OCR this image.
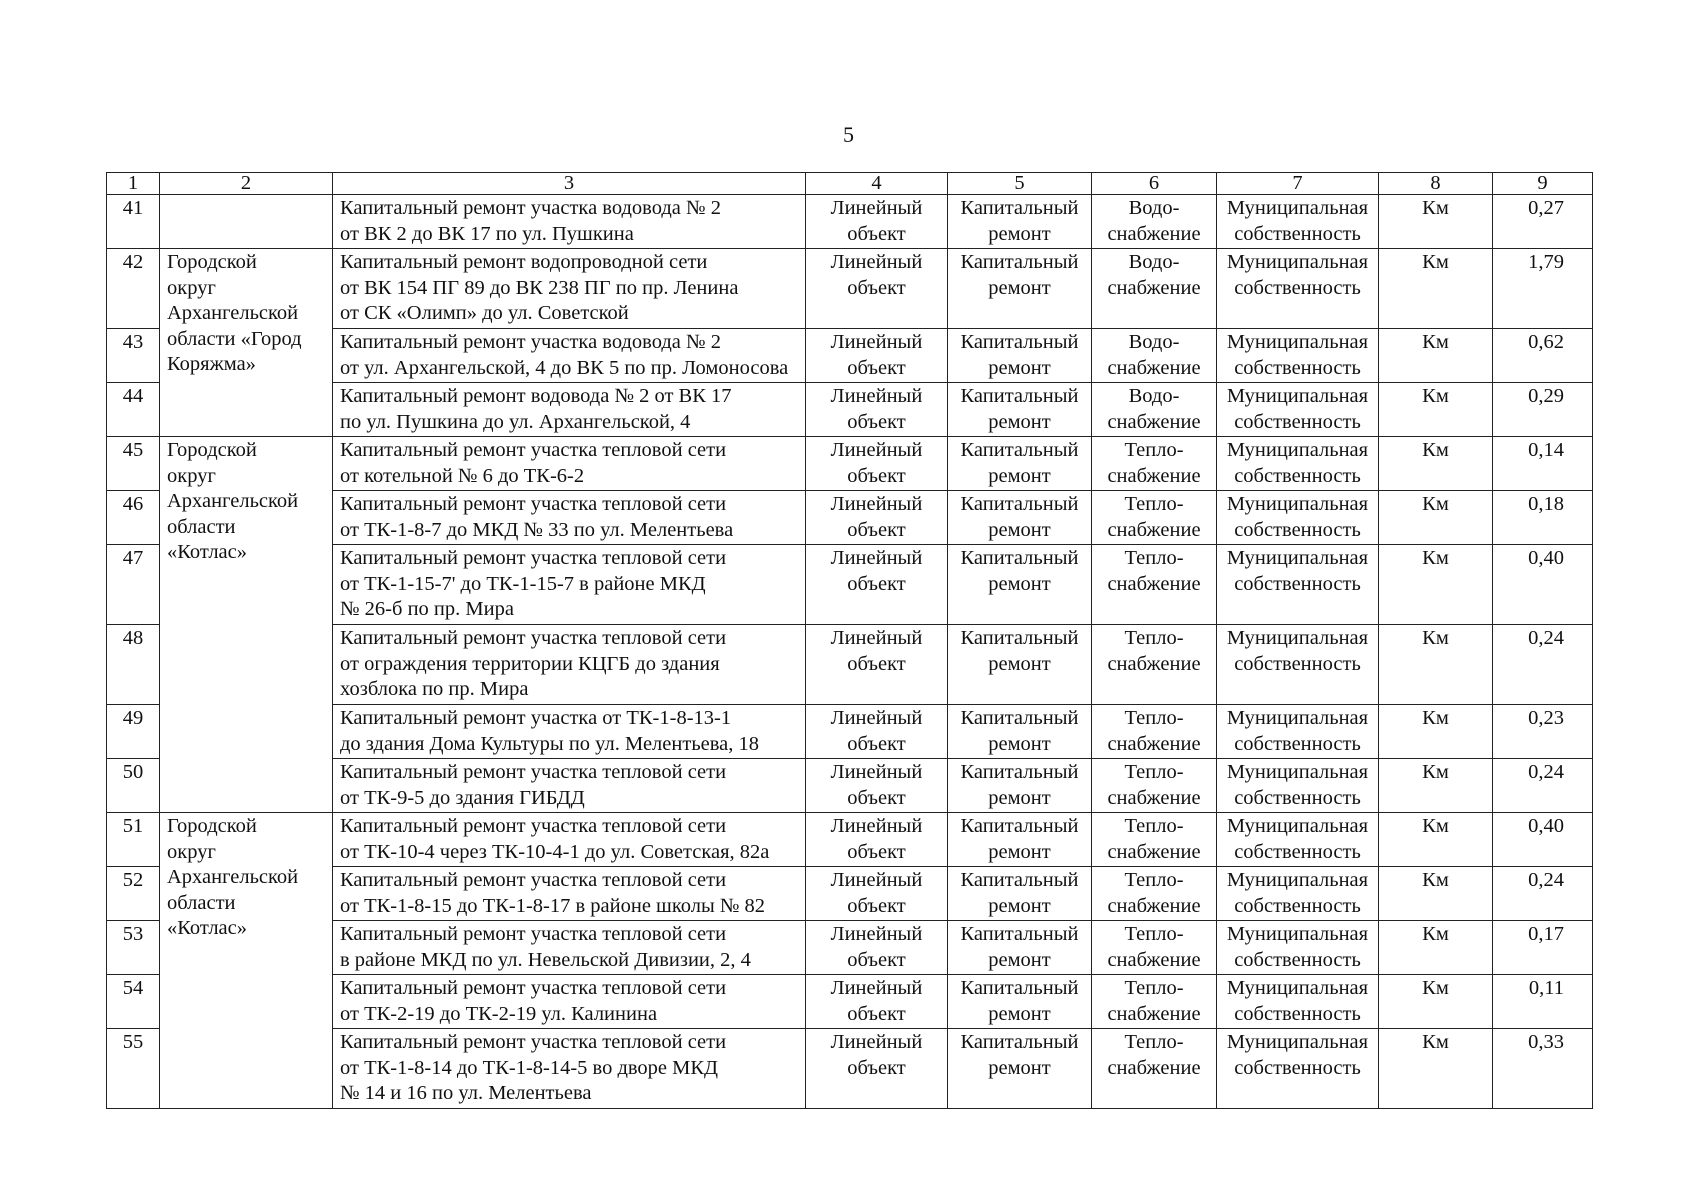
5
1	2	3	4	5	6	7	8	9

41		Капитальный ремонт участка водовода № 2
от ВК 2 до ВК 17 по ул. Пушкина	Линейный
объект	Капитальный
ремонт	Водо-
снабжение	Муниципальная
собственность	Км	0,27

42	Городской
округ
Архангельской
области «Город
Коряжма»	Капитальный ремонт водопроводной сети
от ВК 154 ПГ 89 до ВК 238 ПГ по пр. Ленина
от СК «Олимп» до ул. Советской	Линейный
объект	Капитальный
ремонт	Водо-
снабжение	Муниципальная
собственность	Км	1,79

43		Капитальный ремонт участка водовода № 2
от ул. Архангельской, 4 до ВК 5 по пр. Ломоносова	Линейный
объект	Капитальный
ремонт	Водо-
снабжение	Муниципальная
собственность	Км	0,62

44		Капитальный ремонт водовода № 2 от ВК 17
по ул. Пушкина до ул. Архангельской, 4	Линейный
объект	Капитальный
ремонт	Водо-
снабжение	Муниципальная
собственность	Км	0,29

45	Городской
округ
Архангельской
области
«Котлас»	Капитальный ремонт участка тепловой сети
от котельной № 6 до ТК-6-2	Линейный
объект	Капитальный
ремонт	Тепло-
снабжение	Муниципальная
собственность	Км	0,14

46		Капитальный ремонт участка тепловой сети
от ТК-1-8-7 до МКД № 33 по ул. Мелентьева	Линейный
объект	Капитальный
ремонт	Тепло-
снабжение	Муниципальная
собственность	Км	0,18

47		Капитальный ремонт участка тепловой сети
от ТК-1-15-7' до ТК-1-15-7 в районе МКД
№ 26-б по пр. Мира	Линейный
объект	Капитальный
ремонт	Тепло-
снабжение	Муниципальная
собственность	Км	0,40

48		Капитальный ремонт участка тепловой сети
от ограждения территории КЦГБ до здания
хозблока по пр. Мира	Линейный
объект	Капитальный
ремонт	Тепло-
снабжение	Муниципальная
собственность	Км	0,24

49		Капитальный ремонт участка от ТК-1-8-13-1
до здания Дома Культуры по ул. Мелентьева, 18	Линейный
объект	Капитальный
ремонт	Тепло-
снабжение	Муниципальная
собственность	Км	0,23

50		Капитальный ремонт участка тепловой сети
от ТК-9-5 до здания ГИБДД	Линейный
объект	Капитальный
ремонт	Тепло-
снабжение	Муниципальная
собственность	Км	0,24

51	Городской
округ
Архангельской
области
«Котлас»	Капитальный ремонт участка тепловой сети
от ТК-10-4 через ТК-10-4-1 до ул. Советская, 82а	Линейный
объект	Капитальный
ремонт	Тепло-
снабжение	Муниципальная
собственность	Км	0,40

52		Капитальный ремонт участка тепловой сети
от ТК-1-8-15 до ТК-1-8-17 в районе школы № 82	Линейный
объект	Капитальный
ремонт	Тепло-
снабжение	Муниципальная
собственность	Км	0,24

53		Капитальный ремонт участка тепловой сети
в районе МКД по ул. Невельской Дивизии, 2, 4	Линейный
объект	Капитальный
ремонт	Тепло-
снабжение	Муниципальная
собственность	Км	0,17

54		Капитальный ремонт участка тепловой сети
от ТК-2-19 до ТК-2-19 ул. Калинина	Линейный
объект	Капитальный
ремонт	Тепло-
снабжение	Муниципальная
собственность	Км	0,11

55		Капитальный ремонт участка тепловой сети
от ТК-1-8-14 до ТК-1-8-14-5 во дворе МКД
№ 14 и 16 по ул. Мелентьева	Линейный
объект	Капитальный
ремонт	Тепло-
снабжение	Муниципальная
собственность	Км	0,33
